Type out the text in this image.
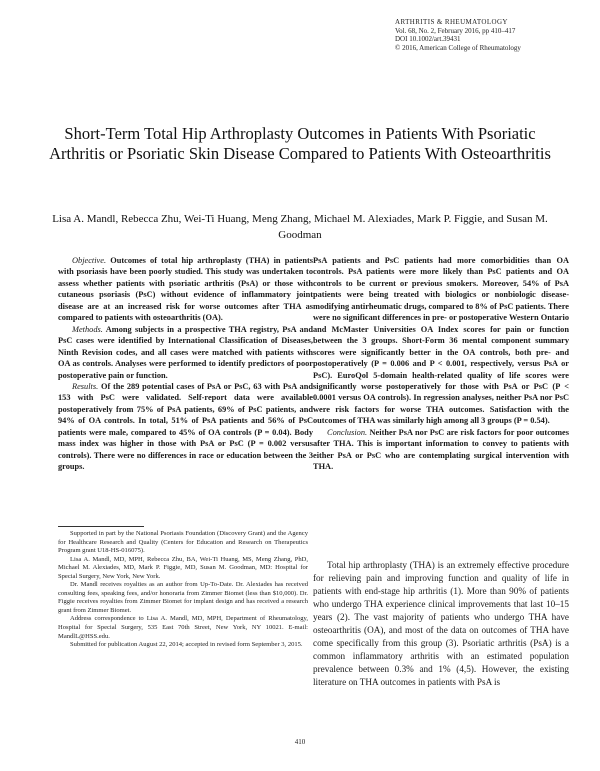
ARTHRITIS & RHEUMATOLOGY
Vol. 68, No. 2, February 2016, pp 410–417
DOI 10.1002/art.39431
© 2016, American College of Rheumatology
Short-Term Total Hip Arthroplasty Outcomes in Patients With Psoriatic Arthritis or Psoriatic Skin Disease Compared to Patients With Osteoarthritis
Lisa A. Mandl, Rebecca Zhu, Wei-Ti Huang, Meng Zhang, Michael M. Alexiades, Mark P. Figgie, and Susan M. Goodman

Objective. Outcomes of total hip arthroplasty (THA) in patients with psoriasis have been poorly studied. This study was undertaken to assess whether patients with psoriatic arthritis (PsA) or those with cutaneous psoriasis (PsC) without evidence of inflammatory joint disease are at an increased risk for worse outcomes after THA as compared to patients with osteoarthritis (OA).

Methods. Among subjects in a prospective THA registry, PsA and PsC cases were identified by International Classification of Diseases, Ninth Revision codes, and all cases were matched with patients with OA as controls. Analyses were performed to identify predictors of poor postoperative pain or function.

Results. Of the 289 potential cases of PsA or PsC, 63 with PsA and 153 with PsC were validated. Self-report data were available postoperatively from 75% of PsA patients, 69% of PsC patients, and 94% of OA controls. In total, 51% of PsA patients and 56% of PsC patients were male, compared to 45% of OA controls (P = 0.04). Body mass index was higher in those with PsA or PsC (P = 0.002 versus controls). There were no differences in race or education between the 3 groups.

PsA patients and PsC patients had more comorbidities than OA controls. PsA patients were more likely than PsC patients and OA controls to be current or previous smokers. Moreover, 54% of PsA patients were being treated with biologics or nonbiologic disease-modifying antirheumatic drugs, compared to 8% of PsC patients. There were no significant differences in pre- or postoperative Western Ontario and McMaster Universities OA Index scores for pain or function between the 3 groups. Short-Form 36 mental component summary scores were significantly better in the OA controls, both pre- and postoperatively (P = 0.006 and P < 0.001, respectively, versus PsA or PsC). EuroQol 5-domain health-related quality of life scores were significantly worse postoperatively for those with PsA or PsC (P < 0.0001 versus OA controls). In regression analyses, neither PsA nor PsC were risk factors for worse THA outcomes. Satisfaction with the outcomes of THA was similarly high among all 3 groups (P = 0.54).

Conclusion. Neither PsA nor PsC are risk factors for poor outcomes after THA. This is important information to convey to patients with either PsA or PsC who are contemplating surgical intervention with THA.

Supported in part by the National Psoriasis Foundation (Discovery Grant) and the Agency for Healthcare Research and Quality (Centers for Education and Research on Therapeutics Program grant U18-HS-016075).

Lisa A. Mandl, MD, MPH, Rebecca Zhu, BA, Wei-Ti Huang, MS, Meng Zhang, PhD, Michael M. Alexiades, MD, Mark P. Figgie, MD, Susan M. Goodman, MD: Hospital for Special Surgery, New York, New York.

Dr. Mandl receives royalties as an author from Up-To-Date. Dr. Alexiades has received consulting fees, speaking fees, and/or honoraria from Zimmer Biomet (less than $10,000). Dr. Figgie receives royalties from Zimmer Biomet for implant design and has received a research grant from Zimmer Biomet.

Address correspondence to Lisa A. Mandl, MD, MPH, Department of Rheumatology, Hospital for Special Surgery, 535 East 70th Street, New York, NY 10021. E-mail: MandlL@HSS.edu.

Submitted for publication August 22, 2014; accepted in revised form September 3, 2015.

Total hip arthroplasty (THA) is an extremely effective procedure for relieving pain and improving function and quality of life in patients with end-stage hip arthritis (1). More than 90% of patients who undergo THA experience clinical improvements that last 10–15 years (2). The vast majority of patients who undergo THA have osteoarthritis (OA), and most of the data on outcomes of THA have come specifically from this group (3). Psoriatic arthritis (PsA) is a common inflammatory arthritis with an estimated population prevalence between 0.3% and 1% (4,5). However, the existing literature on THA outcomes in patients with PsA is

410
